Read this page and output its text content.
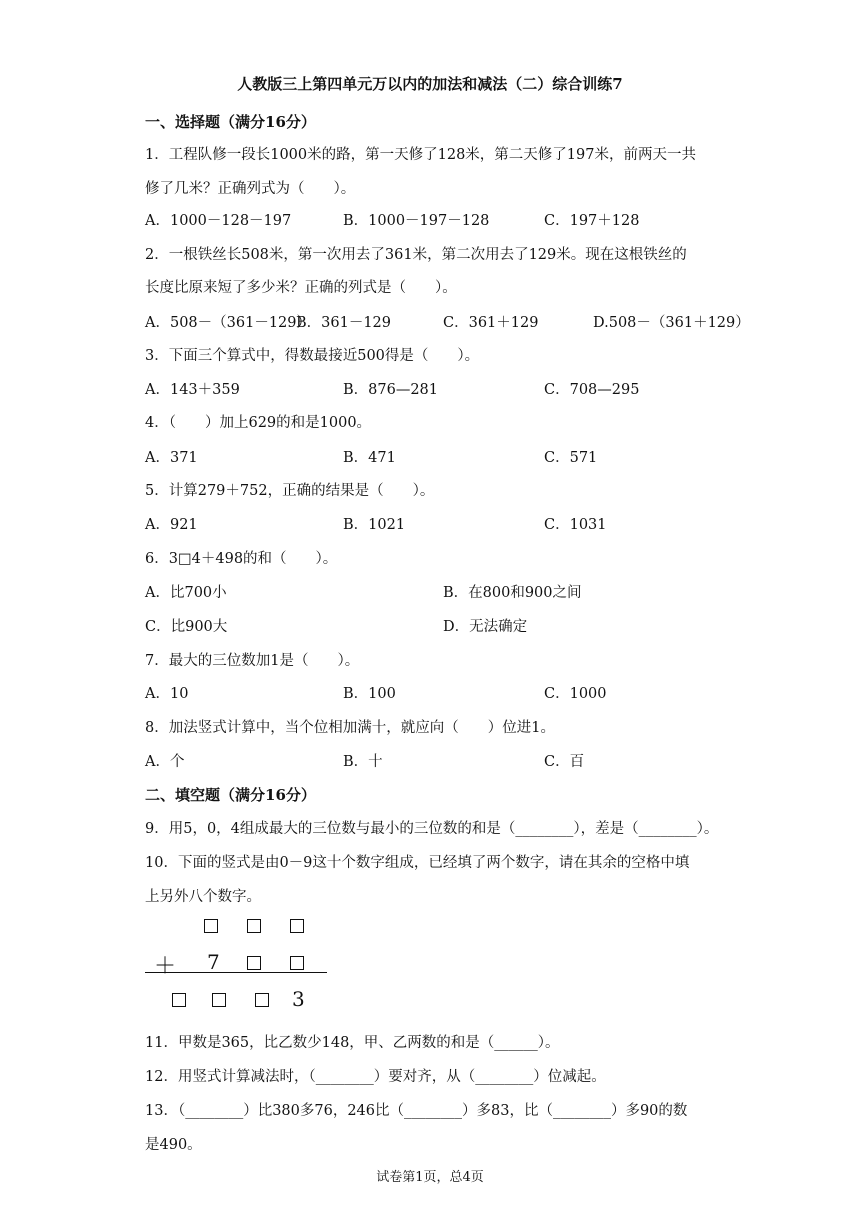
人教版三上第四单元万以内的加法和减法（二）综合训练7
一、选择题（满分16分）
1．工程队修一段长1000米的路，第一天修了128米，第二天修了197米，前两天一共
修了几米？正确列式为（　　）。
A．1000－128－197	B．1000－197－128	C．197＋128
2．一根铁丝长508米，第一次用去了361米，第二次用去了129米。现在这根铁丝的
长度比原来短了多少米？正确的列式是（　　）。
A．508－（361－129）
B．361－129	C．361＋129	D.508－（361＋129）
3．下面三个算式中，得数最接近500得是（　　）。
A．143＋359	B．876—281	C．708—295
4．（　　）加上629的和是1000。
A．371	B．471	C．571
5．计算279＋752，正确的结果是（　　）。
A．921	B．1021	C．1031
6．3□4＋498的和（　　）。
A．比700小	B．在800和900之间
C．比900大	D．无法确定
7．最大的三位数加1是（　　）。
A．10	B．100	C．1000
8．加法竖式计算中，当个位相加满十，就应向（　　）位进1。
A．个	B．十	C．百
二、填空题（满分16分）
9．用5，0，4组成最大的三位数与最小的三位数的和是（________），差是（________）。
10．下面的竖式是由0－9这十个数字组成，已经填了两个数字，请在其余的空格中填
上另外八个数字。
＋ 7
3
11．甲数是365，比乙数少148，甲、乙两数的和是（______）。
12．用竖式计算减法时，（________）要对齐，从（________）位减起。
13．（________）比380多76，246比（________）多83，比（________）多90的数
是490。
试卷第1页，总4页
